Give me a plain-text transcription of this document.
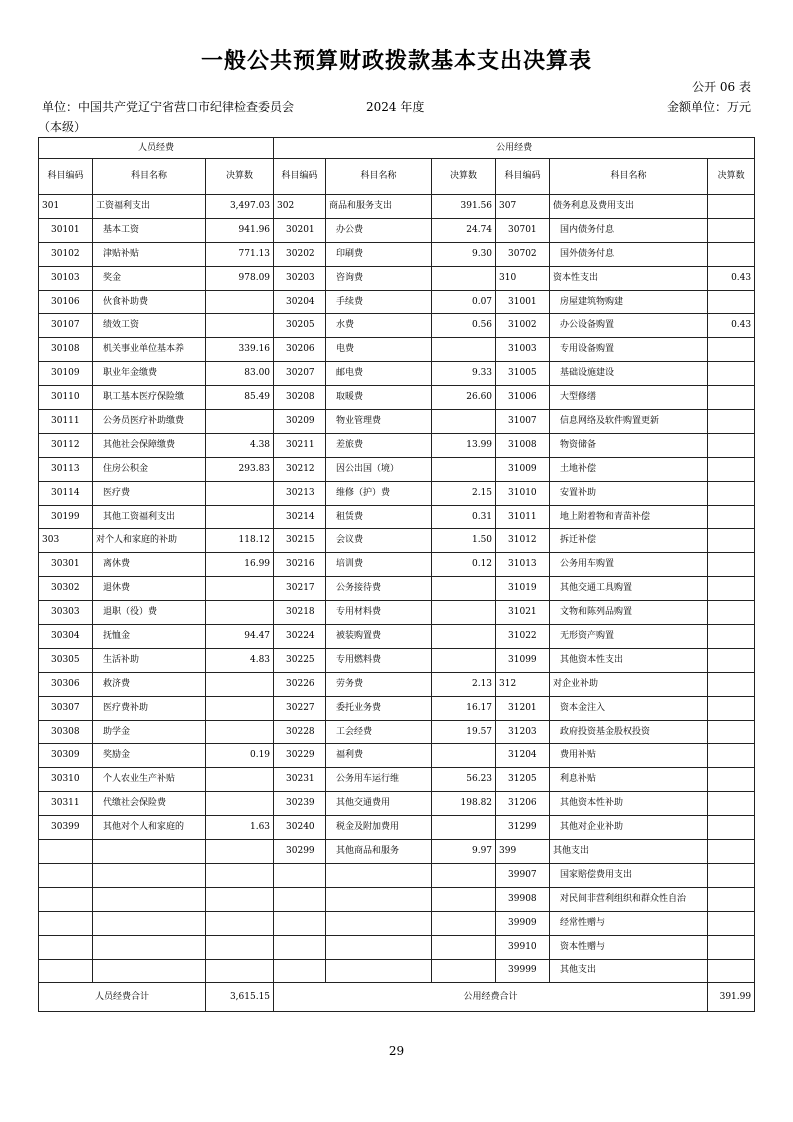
一般公共预算财政拨款基本支出决算表
公开 06 表
单位：中国共产党辽宁省营口市纪律检查委员会	2024 年度	金额单位：万元
（本级）
人员经费			公用经费					
科目编码	科目名称	决算数	科目编码	科目名称	决算数	科目编码	科目名称	决算数
301	工资福利支出	3,497.03	302	商品和服务支出	391.56	307	债务利息及费用支出	
30101	基本工资	941.96	30201	办公费	24.74	30701	国内债务付息	
30102	津贴补贴	771.13	30202	印刷费	9.30	30702	国外债务付息	
30103	奖金	978.09	30203	咨询费		310	资本性支出	0.43
30106	伙食补助费		30204	手续费	0.07	31001	房屋建筑物购建	
30107	绩效工资		30205	水费	0.56	31002	办公设备购置	0.43
30108	机关事业单位基本养	339.16	30206	电费		31003	专用设备购置	
30109	职业年金缴费	83.00	30207	邮电费	9.33	31005	基础设施建设	
30110	职工基本医疗保险缴	85.49	30208	取暖费	26.60	31006	大型修缮	
30111	公务员医疗补助缴费		30209	物业管理费		31007	信息网络及软件购置更新	
30112	其他社会保障缴费	4.38	30211	差旅费	13.99	31008	物资储备	
30113	住房公积金	293.83	30212	因公出国（境）		31009	土地补偿	
30114	医疗费		30213	维修（护）费	2.15	31010	安置补助	
30199	其他工资福利支出		30214	租赁费	0.31	31011	地上附着物和青苗补偿	
303	对个人和家庭的补助	118.12	30215	会议费	1.50	31012	拆迁补偿	
30301	离休费	16.99	30216	培训费	0.12	31013	公务用车购置	
30302	退休费		30217	公务接待费		31019	其他交通工具购置	
30303	退职（役）费		30218	专用材料费		31021	文物和陈列品购置	
30304	抚恤金	94.47	30224	被装购置费		31022	无形资产购置	
30305	生活补助	4.83	30225	专用燃料费		31099	其他资本性支出	
30306	救济费		30226	劳务费	2.13	312	对企业补助	
30307	医疗费补助		30227	委托业务费	16.17	31201	资本金注入	
30308	助学金		30228	工会经费	19.57	31203	政府投资基金股权投资	
30309	奖励金	0.19	30229	福利费		31204	费用补贴	
30310	个人农业生产补贴		30231	公务用车运行维	56.23	31205	利息补贴	
30311	代缴社会保险费		30239	其他交通费用	198.82	31206	其他资本性补助	
30399	其他对个人和家庭的	1.63	30240	税金及附加费用		31299	其他对企业补助	
			30299	其他商品和服务	9.97	399	其他支出	
						39907	国家赔偿费用支出	
						39908	对民间非营利组织和群众性自治	
						39909	经常性赠与	
						39910	资本性赠与	
						39999	其他支出	
人员经费合计		3,615.15	公用经费合计					391.99
29
